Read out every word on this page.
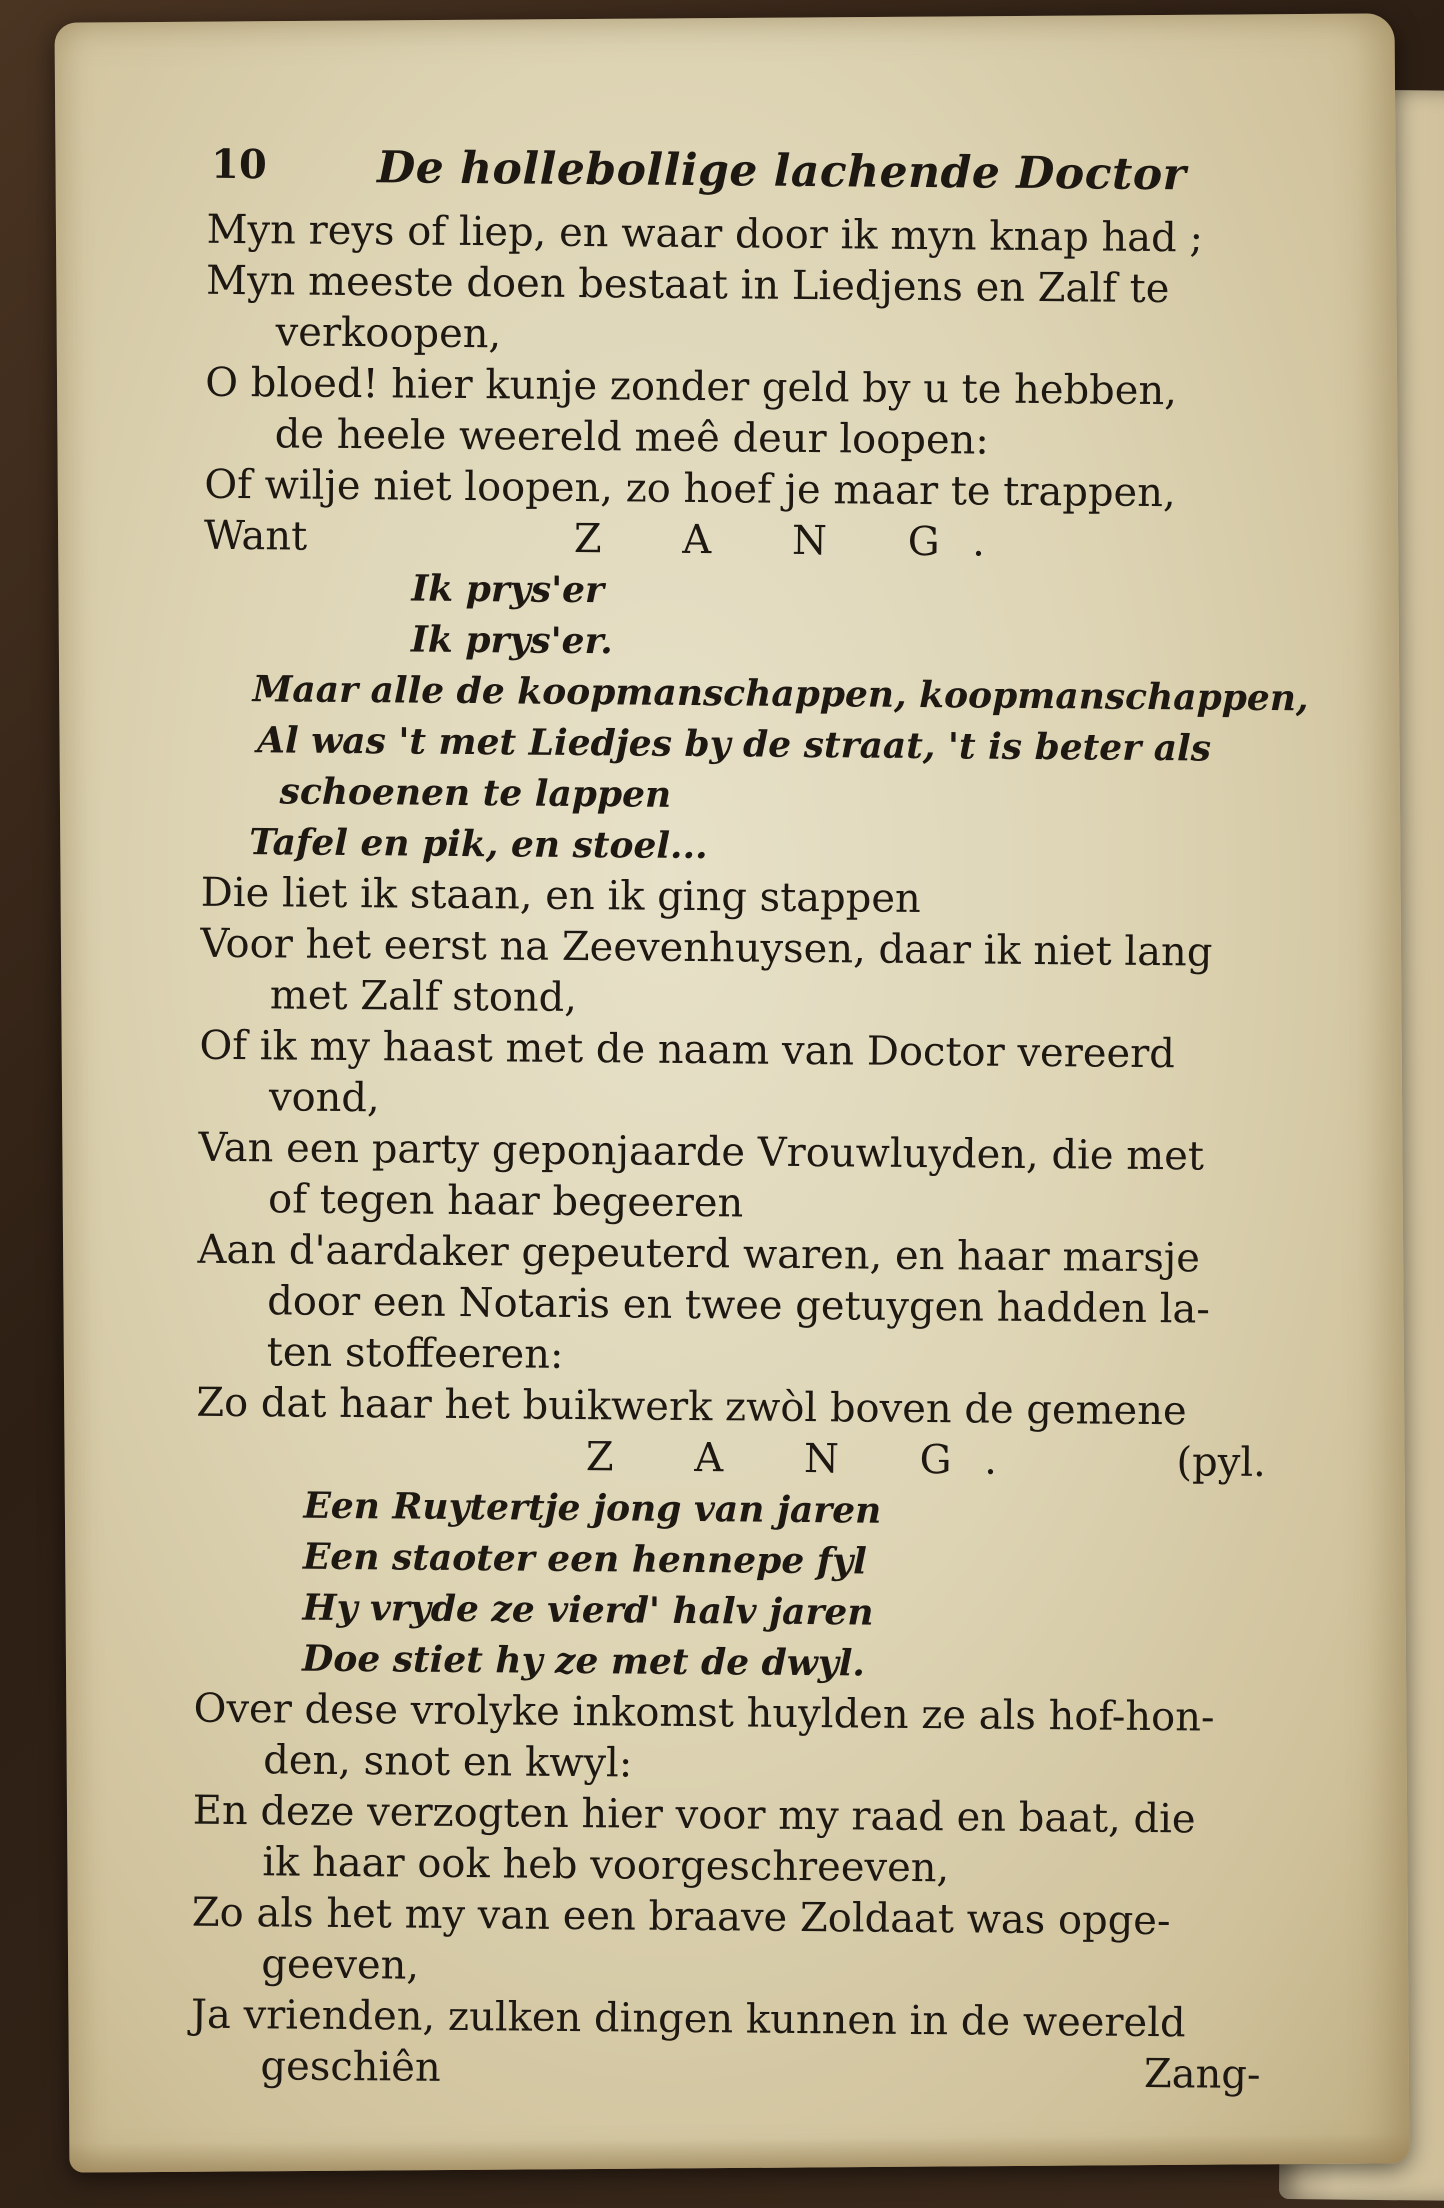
10 De hollebollige lachende Doctor
Myn reys of liep, en waar door ik myn knap had ;
Myn meeste doen bestaat in Liedjens en Zalf te
verkoopen,
O bloed! hier kunje zonder geld by u te hebben,
de heele weereld meê deur loopen:
Of wilje niet loopen, zo hoef je maar te trappen,
Want	Z A N G.
Ik prys'er
Ik prys'er.
Maar alle de koopmanschappen, koopmanschappen,
Al was 't met Liedjes by de straat, 't is beter als
schoenen te lappen
Tafel en pik, en stoel...
Die liet ik staan, en ik ging stappen
Voor het eerst na Zeevenhuysen, daar ik niet lang
met Zalf stond,
Of ik my haast met de naam van Doctor vereerd
vond,
Van een party geponjaarde Vrouwluyden, die met
of tegen haar begeeren
Aan d'aardaker gepeuterd waren, en haar marsje
door een Notaris en twee getuygen hadden la-
ten stoffeeren:
Zo dat haar het buikwerk zwòl boven de gemene
Z A N G.	(pyl.
Een Ruytertje jong van jaren
Een staoter een hennepe fyl
Hy vryde ze vierd' halv jaren
Doe stiet hy ze met de dwyl.
Over dese vrolyke inkomst huylden ze als hof-hon-
den, snot en kwyl:
En deze verzogten hier voor my raad en baat, die
ik haar ook heb voorgeschreeven,
Zo als het my van een braave Zoldaat was opge-
geeven,
Ja vrienden, zulken dingen kunnen in de weereld
geschiên	Zang-
